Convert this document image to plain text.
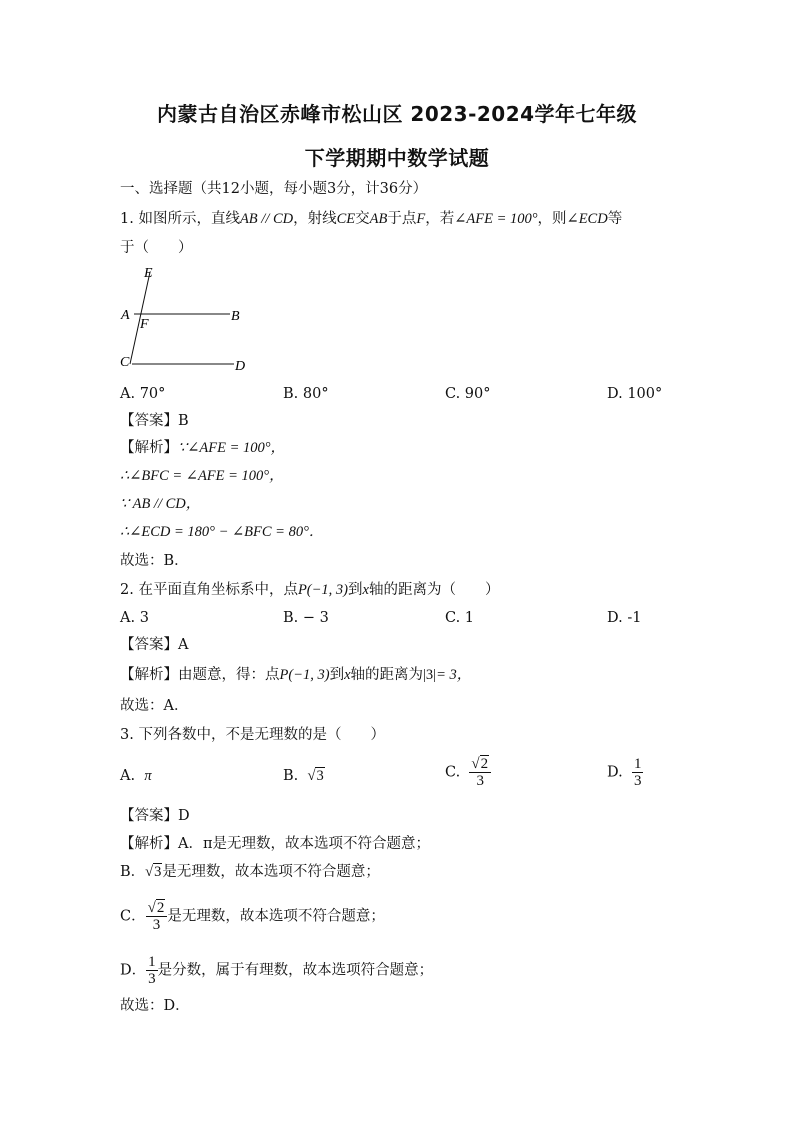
内蒙古自治区赤峰市松山区 2023-2024学年七年级
下学期期中数学试题
一、选择题（共12小题，每小题3分，计36分）
1. 如图所示，直线AB // CD，射线CE交AB于点F，若∠AFE = 100°，则∠ECD等
于（　　）
E
A
F
B
C	D
A. 70°	B. 80°	C. 90°	D. 100°
【答案】B
【解析】∵∠AFE = 100°，
∴∠BFC = ∠AFE = 100°，
∵ AB // CD，
∴∠ECD = 180° − ∠BFC = 80°．
故选：B．
2. 在平面直角坐标系中，点P(−1, 3)到x轴的距离为（　　）
A. 3	B. − 3	C. 1	D. -1
【答案】A
【解析】由题意，得：点P(−1, 3)到x轴的距离为|3|= 3，
故选：A．
3. 下列各数中，不是无理数的是（　　）
A. π	B. √3	C. $\frac{√2}{3}$	D. $\frac{1}{3}$
【答案】D
【解析】A．π是无理数，故本选项不符合题意；
B．√3是无理数，故本选项不符合题意；
C． $\frac{√2}{3}$ 是无理数，故本选项不符合题意；
D． $\frac{1}{3}$ 是分数，属于有理数，故本选项符合题意；
故选：D．
